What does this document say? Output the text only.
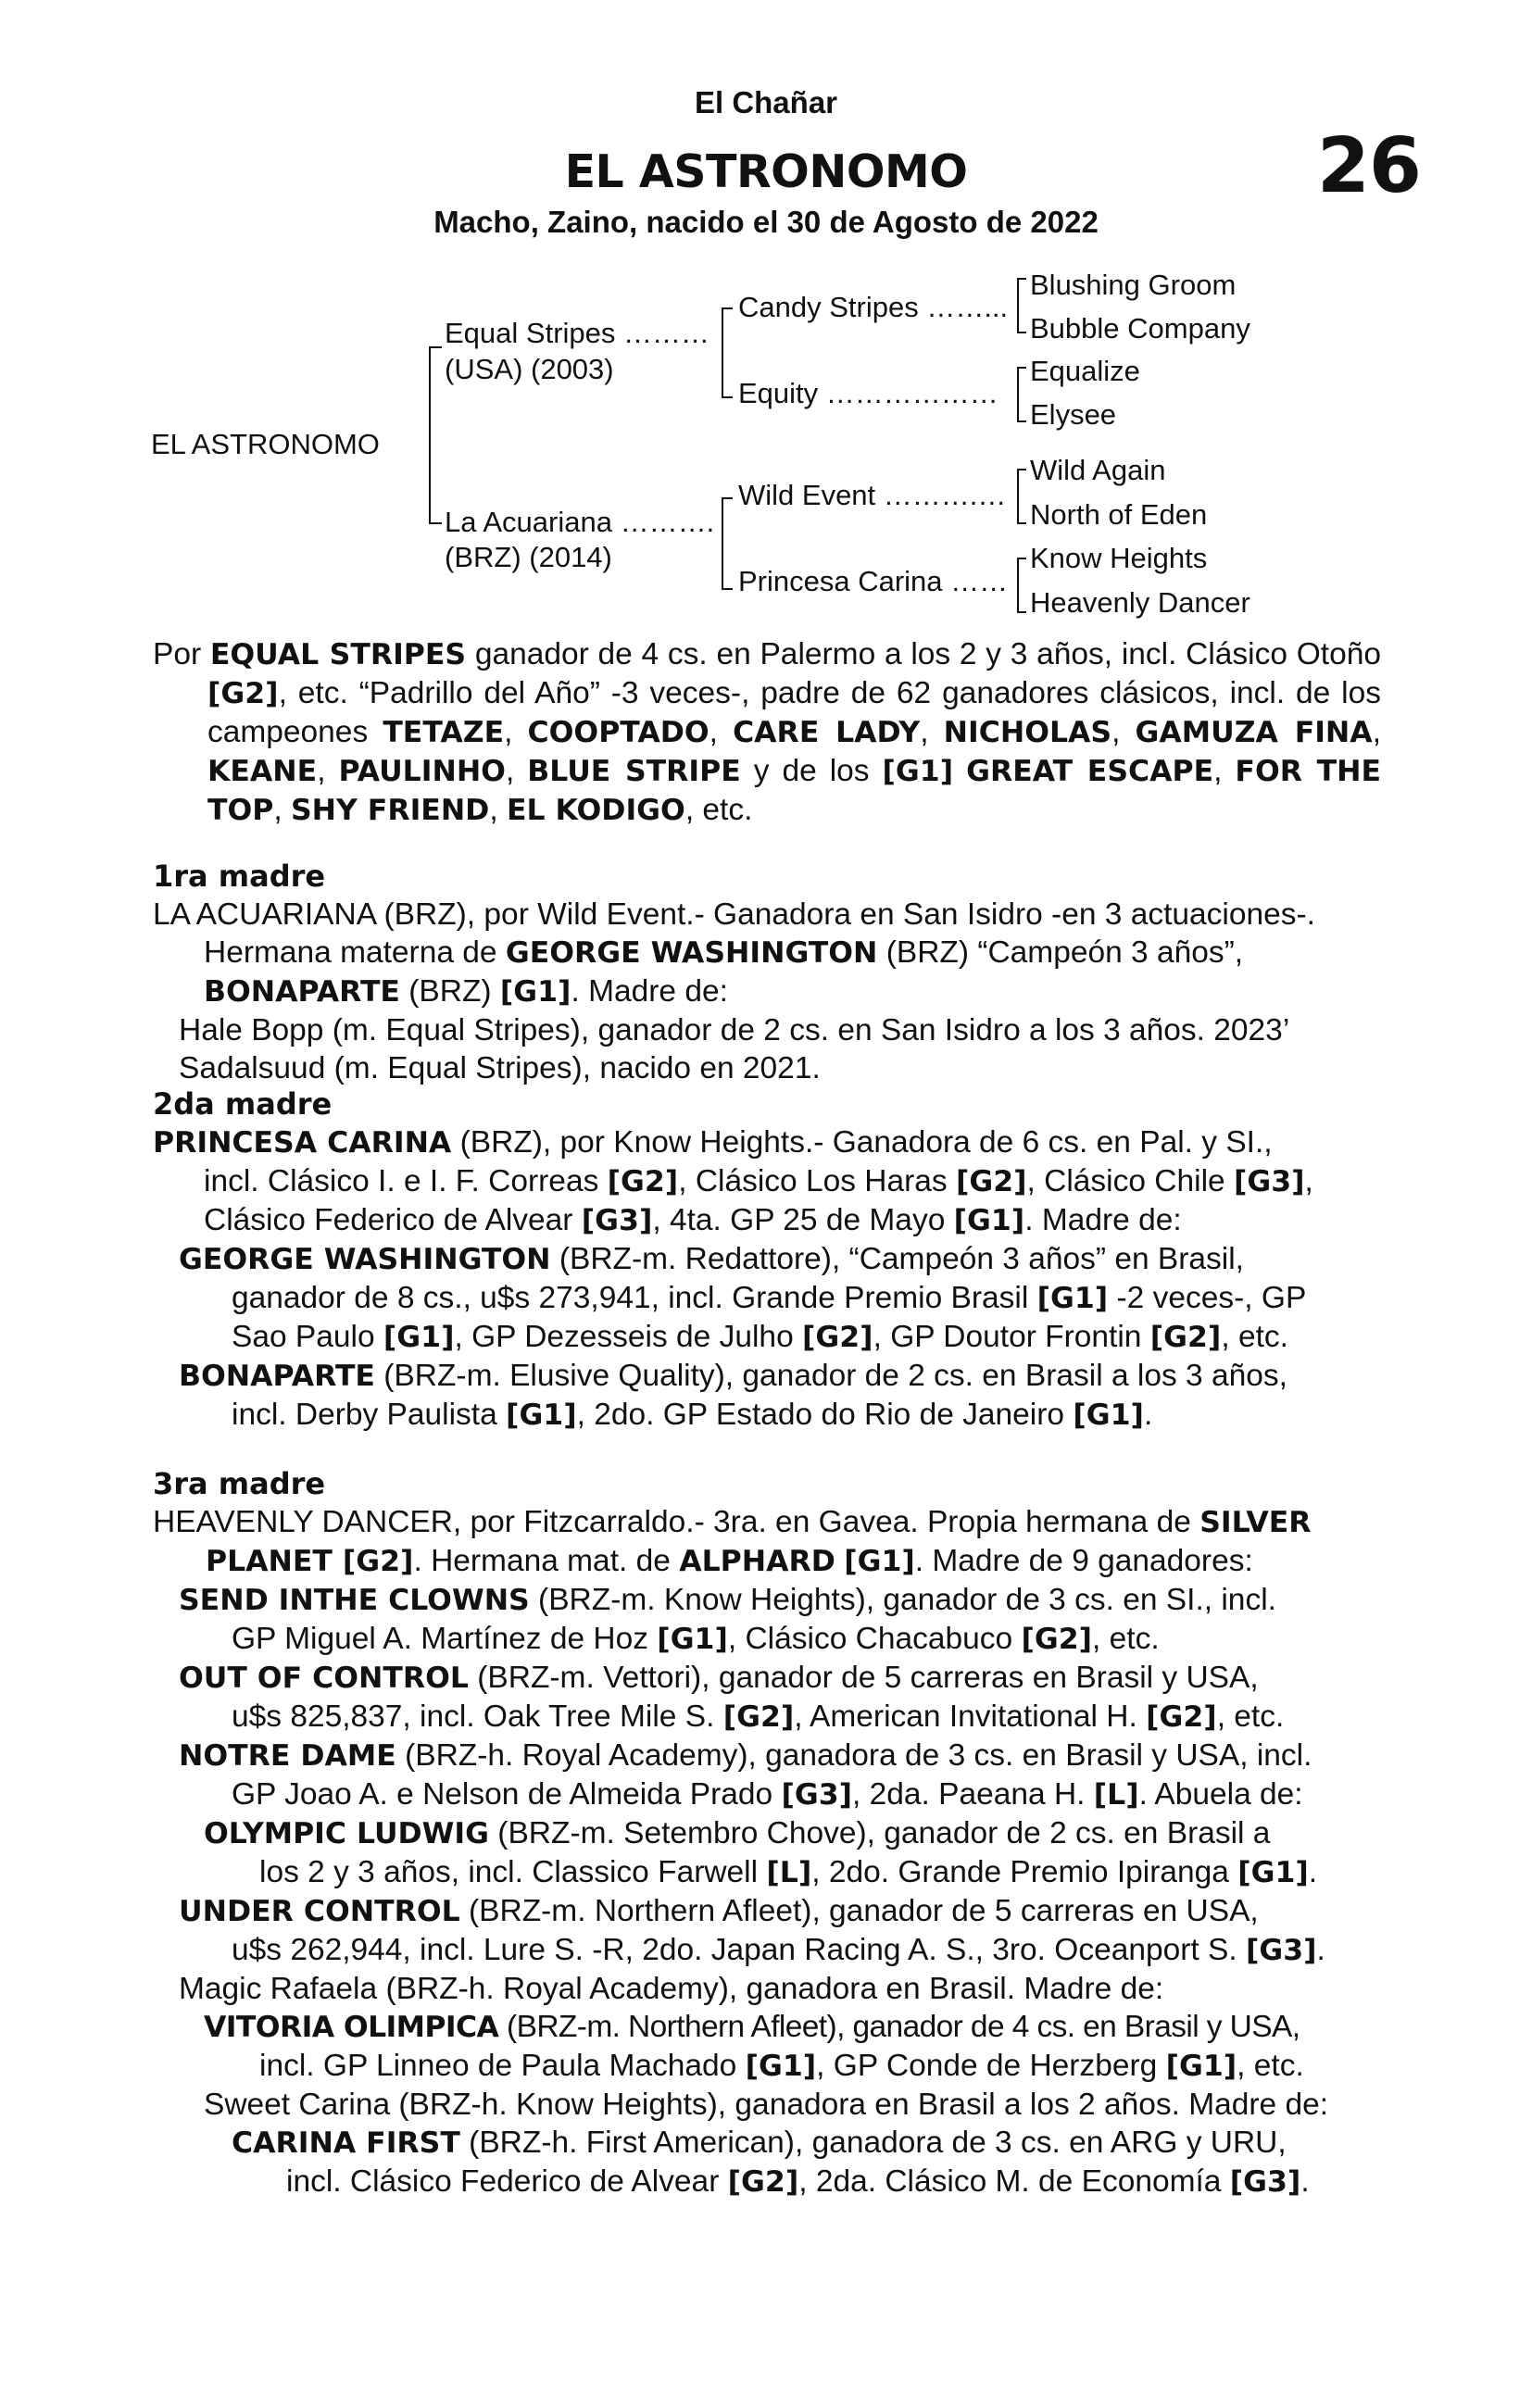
El Chañar
26
EL ASTRONOMO
Macho, Zaino, nacido el 30 de Agosto de 2022
EL ASTRONOMO
Equal Stripes ………
(USA) (2003)
La Acuariana ……….
(BRZ) (2014)
Candy Stripes ……...
Equity ………………
Wild Event ……….…
Princesa Carina ……
Blushing Groom
Bubble Company
Equalize
Elysee
Wild Again
North of Eden
Know Heights
Heavenly Dancer

Por EQUAL STRIPES ganador de 4 cs. en Palermo a los 2 y 3 años, incl. Clásico Otoño [G2], etc. “Padrillo del Año” -3 veces-, padre de 62 ganadores clásicos, incl. de los campeones TETAZE, COOPTADO, CARE LADY, NICHOLAS, GAMUZA FINA, KEANE, PAULINHO, BLUE STRIPE y de los [G1] GREAT ESCAPE, FOR THE TOP, SHY FRIEND, EL KODIGO, etc.

1ra madre
LA ACUARIANA (BRZ), por Wild Event.- Ganadora en San Isidro -en 3 actuaciones-.
Hermana materna de GEORGE WASHINGTON (BRZ) “Campeón 3 años”,
BONAPARTE (BRZ) [G1]. Madre de:
Hale Bopp (m. Equal Stripes), ganador de 2 cs. en San Isidro a los 3 años. 2023’
Sadalsuud (m. Equal Stripes), nacido en 2021.
2da madre
PRINCESA CARINA (BRZ), por Know Heights.- Ganadora de 6 cs. en Pal. y SI.,
incl. Clásico I. e I. F. Correas [G2], Clásico Los Haras [G2], Clásico Chile [G3],
Clásico Federico de Alvear [G3], 4ta. GP 25 de Mayo [G1]. Madre de:
GEORGE WASHINGTON (BRZ-m. Redattore), “Campeón 3 años” en Brasil,
ganador de 8 cs., u$s 273,941, incl. Grande Premio Brasil [G1] -2 veces-, GP
Sao Paulo [G1], GP Dezesseis de Julho [G2], GP Doutor Frontin [G2], etc.
BONAPARTE (BRZ-m. Elusive Quality), ganador de 2 cs. en Brasil a los 3 años,
incl. Derby Paulista [G1], 2do. GP Estado do Rio de Janeiro [G1].
3ra madre
HEAVENLY DANCER, por Fitzcarraldo.- 3ra. en Gavea. Propia hermana de SILVER
PLANET [G2]. Hermana mat. de ALPHARD [G1]. Madre de 9 ganadores:
SEND INTHE CLOWNS (BRZ-m. Know Heights), ganador de 3 cs. en SI., incl.
GP Miguel A. Martínez de Hoz [G1], Clásico Chacabuco [G2], etc.
OUT OF CONTROL (BRZ-m. Vettori), ganador de 5 carreras en Brasil y USA,
u$s 825,837, incl. Oak Tree Mile S. [G2], American Invitational H. [G2], etc.
NOTRE DAME (BRZ-h. Royal Academy), ganadora de 3 cs. en Brasil y USA, incl.
GP Joao A. e Nelson de Almeida Prado [G3], 2da. Paeana H. [L]. Abuela de:
OLYMPIC LUDWIG (BRZ-m. Setembro Chove), ganador de 2 cs. en Brasil a
los 2 y 3 años, incl. Classico Farwell [L], 2do. Grande Premio Ipiranga [G1].
UNDER CONTROL (BRZ-m. Northern Afleet), ganador de 5 carreras en USA,
u$s 262,944, incl. Lure S. -R, 2do. Japan Racing A. S., 3ro. Oceanport S. [G3].
Magic Rafaela (BRZ-h. Royal Academy), ganadora en Brasil. Madre de:
VITORIA OLIMPICA (BRZ-m. Northern Afleet), ganador de 4 cs. en Brasil y USA,
incl. GP Linneo de Paula Machado [G1], GP Conde de Herzberg [G1], etc.
Sweet Carina (BRZ-h. Know Heights), ganadora en Brasil a los 2 años. Madre de:
CARINA FIRST (BRZ-h. First American), ganadora de 3 cs. en ARG y URU,
incl. Clásico Federico de Alvear [G2], 2da. Clásico M. de Economía [G3].
